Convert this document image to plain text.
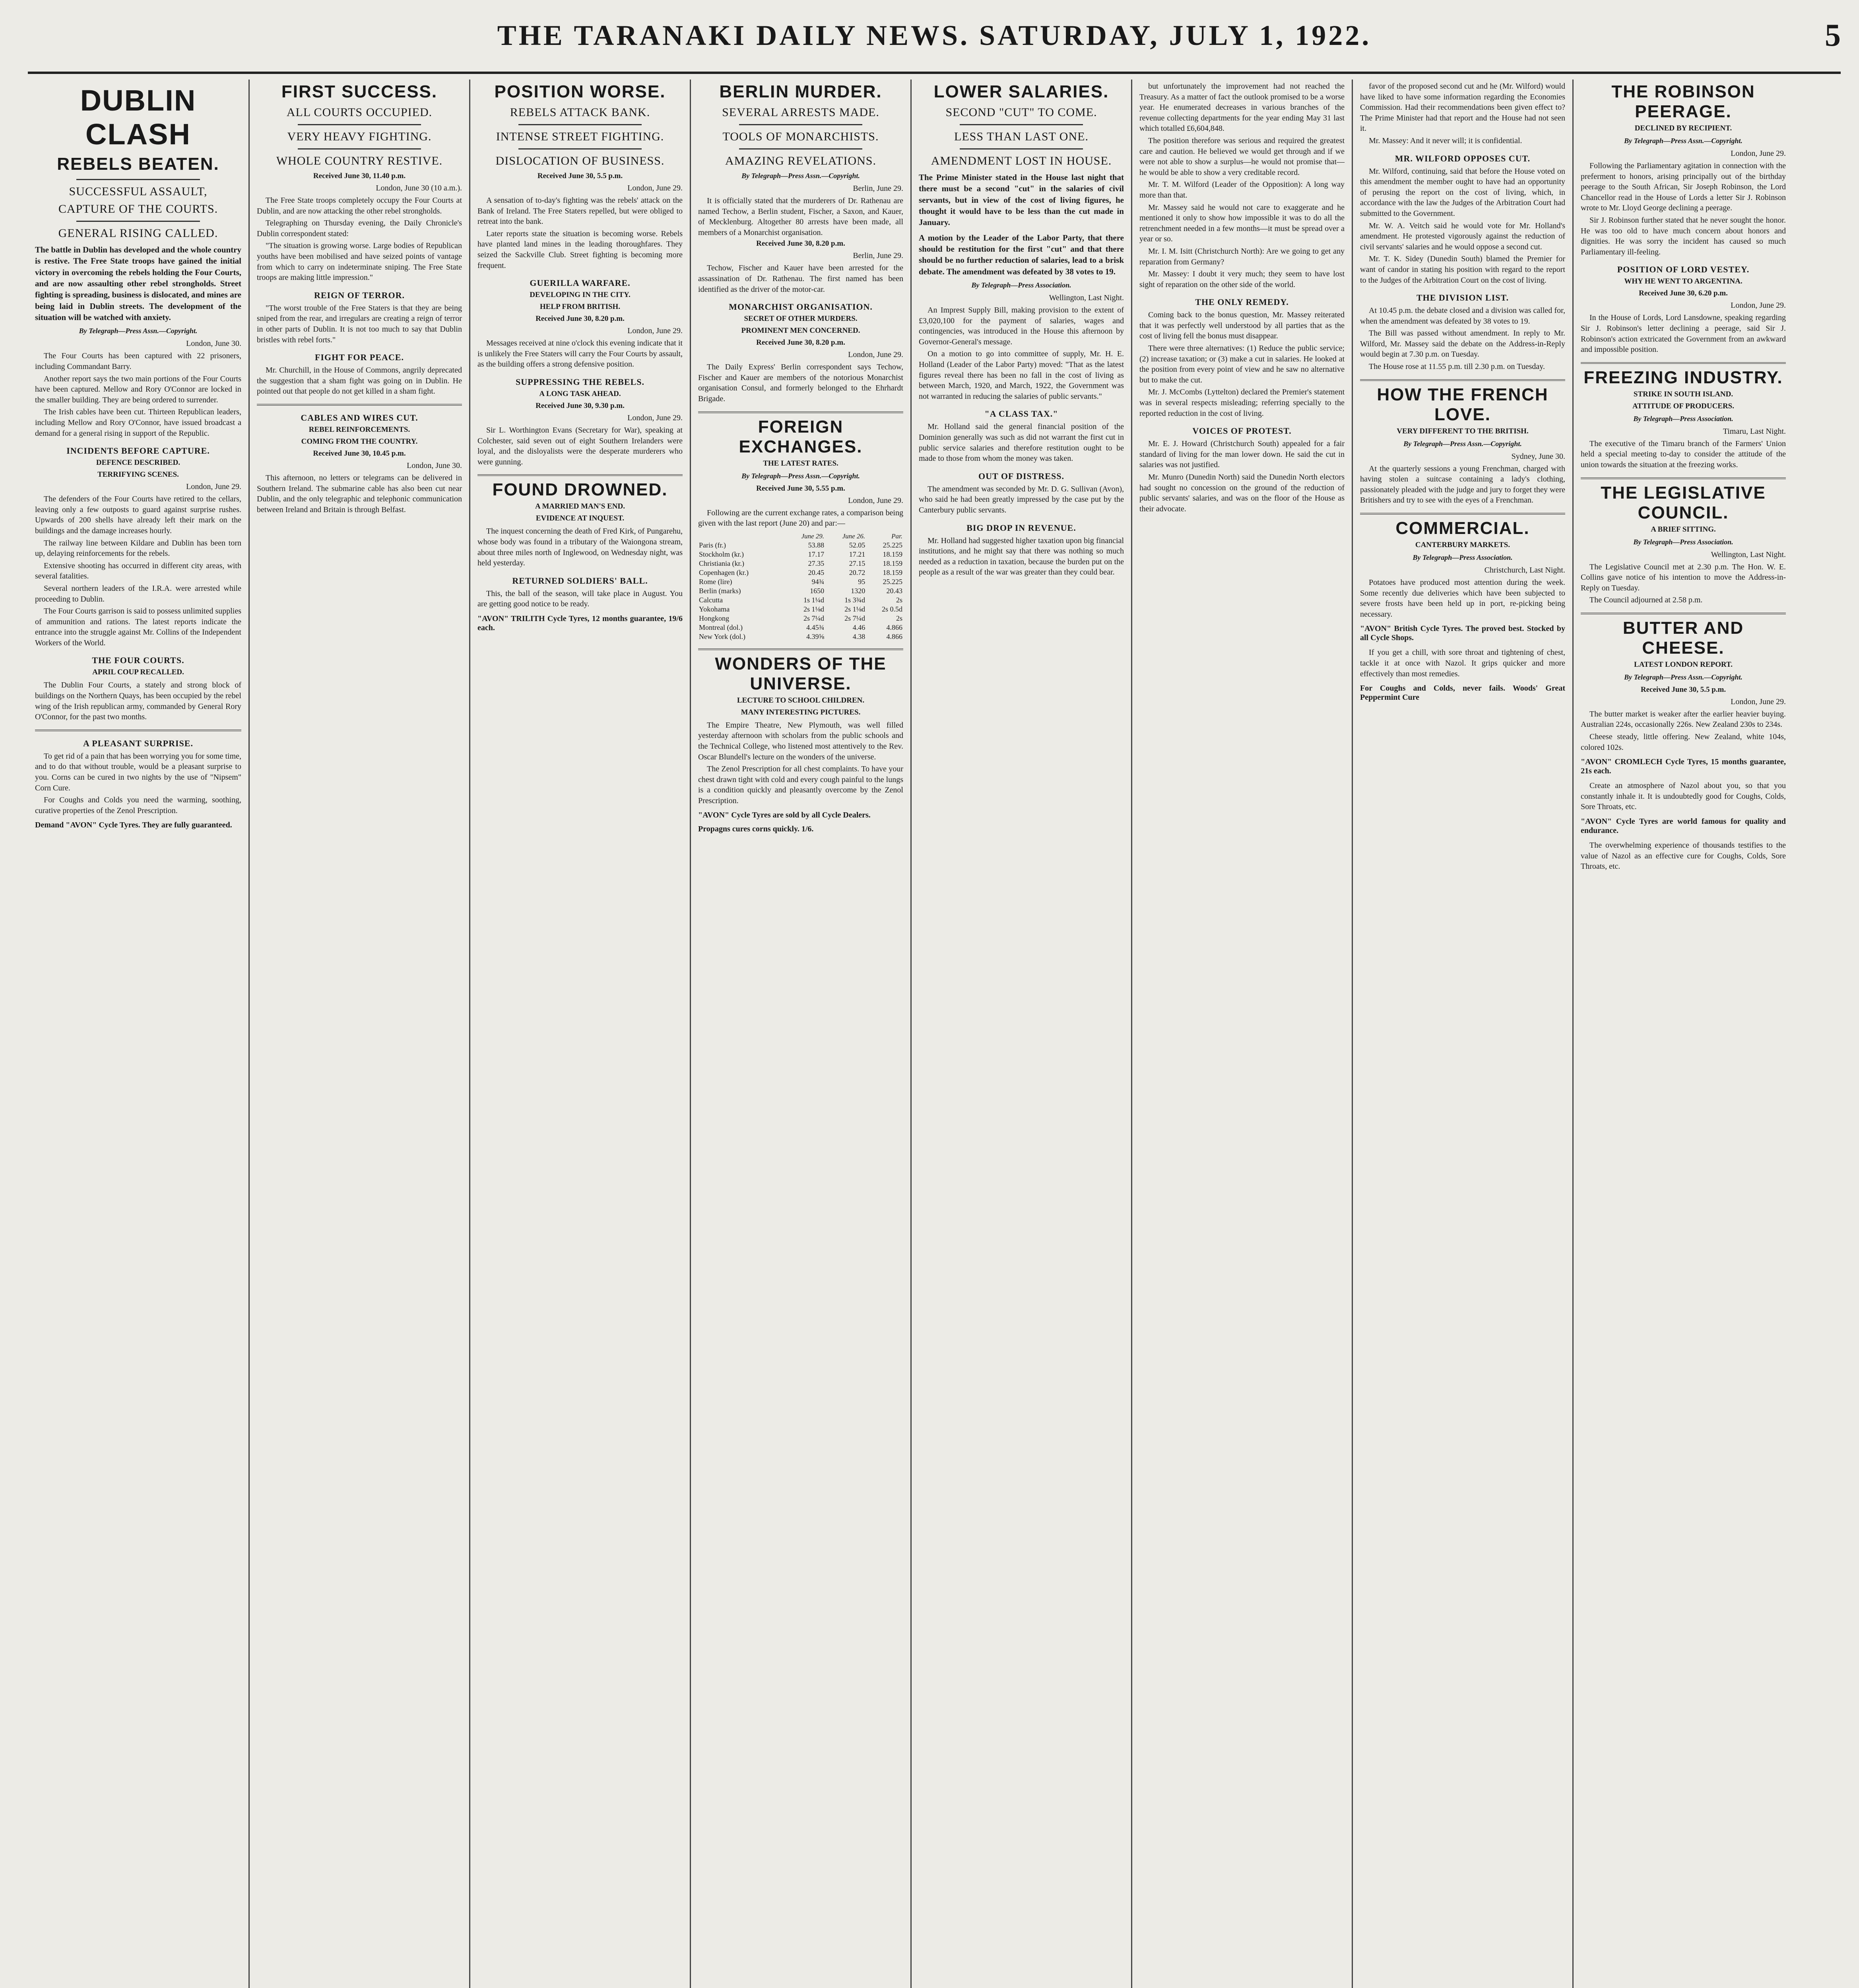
THE TARANAKI DAILY NEWS. SATURDAY, JULY 1, 1922.	5
DUBLIN CLASH
REBELS BEATEN.
SUCCESSFUL ASSAULT,
CAPTURE OF THE COURTS.
GENERAL RISING CALLED.
The battle in Dublin has developed and the whole country is restive. The Free State troops have gained the initial victory in overcoming the rebels holding the Four Courts, and are now assaulting other rebel strongholds. Street fighting is spreading, business is dislocated, and mines are being laid in Dublin streets. The development of the situation will be watched with anxiety.
By Telegraph—Press Assn.—Copyright.
London, June 30.

The Four Courts has been captured with 22 prisoners, including Commandant Barry.

Another report says the two main portions of the Four Courts have been captured. Mellow and Rory O'Connor are locked in the smaller building. They are being ordered to surrender.

The Irish cables have been cut. Thirteen Republican leaders, including Mellow and Rory O'Connor, have issued broadcast a demand for a general rising in support of the Republic.

INCIDENTS BEFORE CAPTURE.
DEFENCE DESCRIBED.
TERRIFYING SCENES.
London, June 29.

The defenders of the Four Courts have retired to the cellars, leaving only a few outposts to guard against surprise rushes. Upwards of 200 shells have already left their mark on the buildings and the damage increases hourly.

The railway line between Kildare and Dublin has been torn up, delaying reinforcements for the rebels.

Extensive shooting has occurred in different city areas, with several fatalities.

Several northern leaders of the I.R.A. were arrested while proceeding to Dublin.

The Four Courts garrison is said to possess unlimited supplies of ammunition and rations. The latest reports indicate the entrance into the struggle against Mr. Collins of the Independent Workers of the World.

THE FOUR COURTS.
APRIL COUP RECALLED.

The Dublin Four Courts, a stately and strong block of buildings on the Northern Quays, has been occupied by the rebel wing of the Irish republican army, commanded by General Rory O'Connor, for the past two months.

A PLEASANT SURPRISE.

To get rid of a pain that has been worrying you for some time, and to do that without trouble, would be a pleasant surprise to you. Corns can be cured in two nights by the use of "Nipsem" Corn Cure.

For Coughs and Colds you need the warming, soothing, curative properties of the Zenol Prescription.

Demand "AVON" Cycle Tyres. They are fully guaranteed.
FIRST SUCCESS.
ALL COURTS OCCUPIED.
VERY HEAVY FIGHTING.
WHOLE COUNTRY RESTIVE.
Received June 30, 11.40 p.m.
London, June 30 (10 a.m.).

The Free State troops completely occupy the Four Courts at Dublin, and are now attacking the other rebel strongholds.

Telegraphing on Thursday evening, the Daily Chronicle's Dublin correspondent stated:

"The situation is growing worse. Large bodies of Republican youths have been mobilised and have seized points of vantage from which to carry on indeterminate sniping. The Free State troops are making little impression."

REIGN OF TERROR.

"The worst trouble of the Free Staters is that they are being sniped from the rear, and irregulars are creating a reign of terror in other parts of Dublin. It is not too much to say that Dublin bristles with rebel forts."

FIGHT FOR PEACE.

Mr. Churchill, in the House of Commons, angrily deprecated the suggestion that a sham fight was going on in Dublin. He pointed out that people do not get killed in a sham fight.

CABLES AND WIRES CUT.
REBEL REINFORCEMENTS.
COMING FROM THE COUNTRY.
Received June 30, 10.45 p.m.
London, June 30.

This afternoon, no letters or telegrams can be delivered in Southern Ireland. The submarine cable has also been cut near Dublin, and the only telegraphic and telephonic communication between Ireland and Britain is through Belfast.

POSITION WORSE.
REBELS ATTACK BANK.
INTENSE STREET FIGHTING.
DISLOCATION OF BUSINESS.
Received June 30, 5.5 p.m.
London, June 29.

A sensation of to-day's fighting was the rebels' attack on the Bank of Ireland. The Free Staters repelled, but were obliged to retreat into the bank.

Later reports state the situation is becoming worse. Rebels have planted land mines in the leading thoroughfares. They seized the Sackville Club. Street fighting is becoming more frequent.

GUERILLA WARFARE.
DEVELOPING IN THE CITY.
HELP FROM BRITISH.
Received June 30, 8.20 p.m.
London, June 29.

Messages received at nine o'clock this evening indicate that it is unlikely the Free Staters will carry the Four Courts by assault, as the building offers a strong defensive position.

SUPPRESSING THE REBELS.
A LONG TASK AHEAD.
Received June 30, 9.30 p.m.
London, June 29.

Sir L. Worthington Evans (Secretary for War), speaking at Colchester, said seven out of eight Southern Irelanders were loyal, and the disloyalists were the desperate murderers who were gunning.

FOUND DROWNED.
A MARRIED MAN'S END.
EVIDENCE AT INQUEST.

The inquest concerning the death of Fred Kirk, of Pungarehu, whose body was found in a tributary of the Waiongona stream, about three miles north of Inglewood, on Wednesday night, was held yesterday.

RETURNED SOLDIERS' BALL.

This, the ball of the season, will take place in August. You are getting good notice to be ready.

"AVON" TRILITH Cycle Tyres, 12 months guarantee, 19/6 each.
BERLIN MURDER.
SEVERAL ARRESTS MADE.
TOOLS OF MONARCHISTS.
AMAZING REVELATIONS.
By Telegraph—Press Assn.—Copyright.
Berlin, June 29.

It is officially stated that the murderers of Dr. Rathenau are named Techow, a Berlin student, Fischer, a Saxon, and Kauer, of Mecklenburg. Altogether 80 arrests have been made, all members of a Monarchist organisation.

Received June 30, 8.20 p.m.
Berlin, June 29.

Techow, Fischer and Kauer have been arrested for the assassination of Dr. Rathenau. The first named has been identified as the driver of the motor-car.

MONARCHIST ORGANISATION.
SECRET OF OTHER MURDERS.
PROMINENT MEN CONCERNED.
Received June 30, 8.20 p.m.
London, June 29.

The Daily Express' Berlin correspondent says Techow, Fischer and Kauer are members of the notorious Monarchist organisation Consul, and formerly belonged to the Ehrhardt Brigade.

FOREIGN EXCHANGES.
THE LATEST RATES.
By Telegraph—Press Assn.—Copyright.
Received June 30, 5.55 p.m.
London, June 29.

Following are the current exchange rates, a comparison being given with the last report (June 20) and par:—

	June 29.	June 26.	Par.
Paris (fr.)	53.88	52.05	25.225
Stockholm (kr.)	17.17	17.21	18.159
Christiania (kr.)	27.35	27.15	18.159
Copenhagen (kr.)	20.45	20.72	18.159
Rome (lire)	94¾	95	25.225
Berlin (marks)	1650	1320	20.43
Calcutta	1s 1¼d	1s 3¾d	2s
Yokohama	2s 1⅛d	2s 1⅛d	2s 0.5d
Hongkong	2s 7¼d	2s 7¼d	2s
Montreal (dol.)	4.45¾	4.46	4.866
New York (dol.)	4.39⅝	4.38	4.866
WONDERS OF THE UNIVERSE.
LECTURE TO SCHOOL CHILDREN.
MANY INTERESTING PICTURES.

The Empire Theatre, New Plymouth, was well filled yesterday afternoon with scholars from the public schools and the Technical College, who listened most attentively to the Rev. Oscar Blundell's lecture on the wonders of the universe.

The Zenol Prescription for all chest complaints. To have your chest drawn tight with cold and every cough painful to the lungs is a condition quickly and pleasantly overcome by the Zenol Prescription.

"AVON" Cycle Tyres are sold by all Cycle Dealers.
Propagns cures corns quickly. 1/6.
LOWER SALARIES.
SECOND "CUT" TO COME.
LESS THAN LAST ONE.
AMENDMENT LOST IN HOUSE.
The Prime Minister stated in the House last night that there must be a second "cut" in the salaries of civil servants, but in view of the cost of living figures, he thought it would have to be less than the cut made in January.
A motion by the Leader of the Labor Party, that there should be restitution for the first "cut" and that there should be no further reduction of salaries, lead to a brisk debate. The amendment was defeated by 38 votes to 19.
By Telegraph—Press Association.
Wellington, Last Night.

An Imprest Supply Bill, making provision to the extent of £3,020,100 for the payment of salaries, wages and contingencies, was introduced in the House this afternoon by Governor-General's message.

On a motion to go into committee of supply, Mr. H. E. Holland (Leader of the Labor Party) moved: "That as the latest figures reveal there has been no fall in the cost of living as between March, 1920, and March, 1922, the Government was not warranted in reducing the salaries of public servants."

"A CLASS TAX."

Mr. Holland said the general financial position of the Dominion generally was such as did not warrant the first cut in public service salaries and therefore restitution ought to be made to those from whom the money was taken.

OUT OF DISTRESS.

The amendment was seconded by Mr. D. G. Sullivan (Avon), who said he had been greatly impressed by the case put by the Canterbury public servants.

BIG DROP IN REVENUE.

Mr. Holland had suggested higher taxation upon big financial institutions, and he might say that there was nothing so much needed as a reduction in taxation, because the burden put on the people as a result of the war was greater than they could bear.

but unfortunately the improvement had not reached the Treasury. As a matter of fact the outlook promised to be a worse year. He enumerated decreases in various branches of the revenue collecting departments for the year ending May 31 last which totalled £6,604,848.

The position therefore was serious and required the greatest care and caution. He believed we would get through and if we were not able to show a surplus—he would not promise that—he would be able to show a very creditable record.

Mr. T. M. Wilford (Leader of the Opposition): A long way more than that.

Mr. Massey said he would not care to exaggerate and he mentioned it only to show how impossible it was to do all the retrenchment needed in a few months—it must be spread over a year or so.

Mr. I. M. Isitt (Christchurch North): Are we going to get any reparation from Germany?

Mr. Massey: I doubt it very much; they seem to have lost sight of reparation on the other side of the world.

THE ONLY REMEDY.

Coming back to the bonus question, Mr. Massey reiterated that it was perfectly well understood by all parties that as the cost of living fell the bonus must disappear.

There were three alternatives: (1) Reduce the public service; (2) increase taxation; or (3) make a cut in salaries. He looked at the position from every point of view and he saw no alternative but to make the cut.

Mr. J. McCombs (Lyttelton) declared the Premier's statement was in several respects misleading; referring specially to the reported reduction in the cost of living.

VOICES OF PROTEST.

Mr. E. J. Howard (Christchurch South) appealed for a fair standard of living for the man lower down. He said the cut in salaries was not justified.

Mr. Munro (Dunedin North) said the Dunedin North electors had sought no concession on the ground of the reduction of public servants' salaries, and was on the floor of the House as their advocate.

favor of the proposed second cut and he (Mr. Wilford) would have liked to have some information regarding the Economies Commission. Had their recommendations been given effect to? The Prime Minister had that report and the House had not seen it.

Mr. Massey: And it never will; it is confidential.

MR. WILFORD OPPOSES CUT.

Mr. Wilford, continuing, said that before the House voted on this amendment the member ought to have had an opportunity of perusing the report on the cost of living, which, in accordance with the law the Judges of the Arbitration Court had submitted to the Government.

Mr. W. A. Veitch said he would vote for Mr. Holland's amendment. He protested vigorously against the reduction of civil servants' salaries and he would oppose a second cut.

Mr. T. K. Sidey (Dunedin South) blamed the Premier for want of candor in stating his position with regard to the report to the Judges of the Arbitration Court on the cost of living.

THE DIVISION LIST.

At 10.45 p.m. the debate closed and a division was called for, when the amendment was defeated by 38 votes to 19.

The Bill was passed without amendment. In reply to Mr. Wilford, Mr. Massey said the debate on the Address-in-Reply would begin at 7.30 p.m. on Tuesday.

The House rose at 11.55 p.m. till 2.30 p.m. on Tuesday.

HOW THE FRENCH LOVE.
VERY DIFFERENT TO THE BRITISH.
By Telegraph—Press Assn.—Copyright.
Sydney, June 30.

At the quarterly sessions a young Frenchman, charged with having stolen a suitcase containing a lady's clothing, passionately pleaded with the judge and jury to forget they were Britishers and try to see with the eyes of a Frenchman.

COMMERCIAL.
CANTERBURY MARKETS.
By Telegraph—Press Association.
Christchurch, Last Night.

Potatoes have produced most attention during the week. Some recently due deliveries which have been subjected to severe frosts have been held up in port, re-picking being necessary.

"AVON" British Cycle Tyres. The proved best. Stocked by all Cycle Shops.

If you get a chill, with sore throat and tightening of chest, tackle it at once with Nazol. It grips quicker and more effectively than most remedies.

For Coughs and Colds, never fails. Woods' Great Peppermint Cure
THE ROBINSON PEERAGE.
DECLINED BY RECIPIENT.
By Telegraph—Press Assn.—Copyright.
London, June 29.

Following the Parliamentary agitation in connection with the preferment to honors, arising principally out of the birthday peerage to the South African, Sir Joseph Robinson, the Lord Chancellor read in the House of Lords a letter Sir J. Robinson wrote to Mr. Lloyd George declining a peerage.

Sir J. Robinson further stated that he never sought the honor. He was too old to have much concern about honors and dignities. He was sorry the incident has caused so much Parliamentary ill-feeling.

POSITION OF LORD VESTEY.
WHY HE WENT TO ARGENTINA.
Received June 30, 6.20 p.m.
London, June 29.

In the House of Lords, Lord Lansdowne, speaking regarding Sir J. Robinson's letter declining a peerage, said Sir J. Robinson's action extricated the Government from an awkward and impossible position.

FREEZING INDUSTRY.
STRIKE IN SOUTH ISLAND.
ATTITUDE OF PRODUCERS.
By Telegraph—Press Association.
Timaru, Last Night.

The executive of the Timaru branch of the Farmers' Union held a special meeting to-day to consider the attitude of the union towards the situation at the freezing works.

THE LEGISLATIVE COUNCIL.
A BRIEF SITTING.
By Telegraph—Press Association.
Wellington, Last Night.

The Legislative Council met at 2.30 p.m. The Hon. W. E. Collins gave notice of his intention to move the Address-in-Reply on Tuesday.

The Council adjourned at 2.58 p.m.

BUTTER AND CHEESE.
LATEST LONDON REPORT.
By Telegraph—Press Assn.—Copyright.
Received June 30, 5.5 p.m.
London, June 29.

The butter market is weaker after the earlier heavier buying. Australian 224s, occasionally 226s. New Zealand 230s to 234s.

Cheese steady, little offering. New Zealand, white 104s, colored 102s.

"AVON" CROMLECH Cycle Tyres, 15 months guarantee, 21s each.

Create an atmosphere of Nazol about you, so that you constantly inhale it. It is undoubtedly good for Coughs, Colds, Sore Throats, etc.

"AVON" Cycle Tyres are world famous for quality and endurance.

The overwhelming experience of thousands testifies to the value of Nazol as an effective cure for Coughs, Colds, Sore Throats, etc.
